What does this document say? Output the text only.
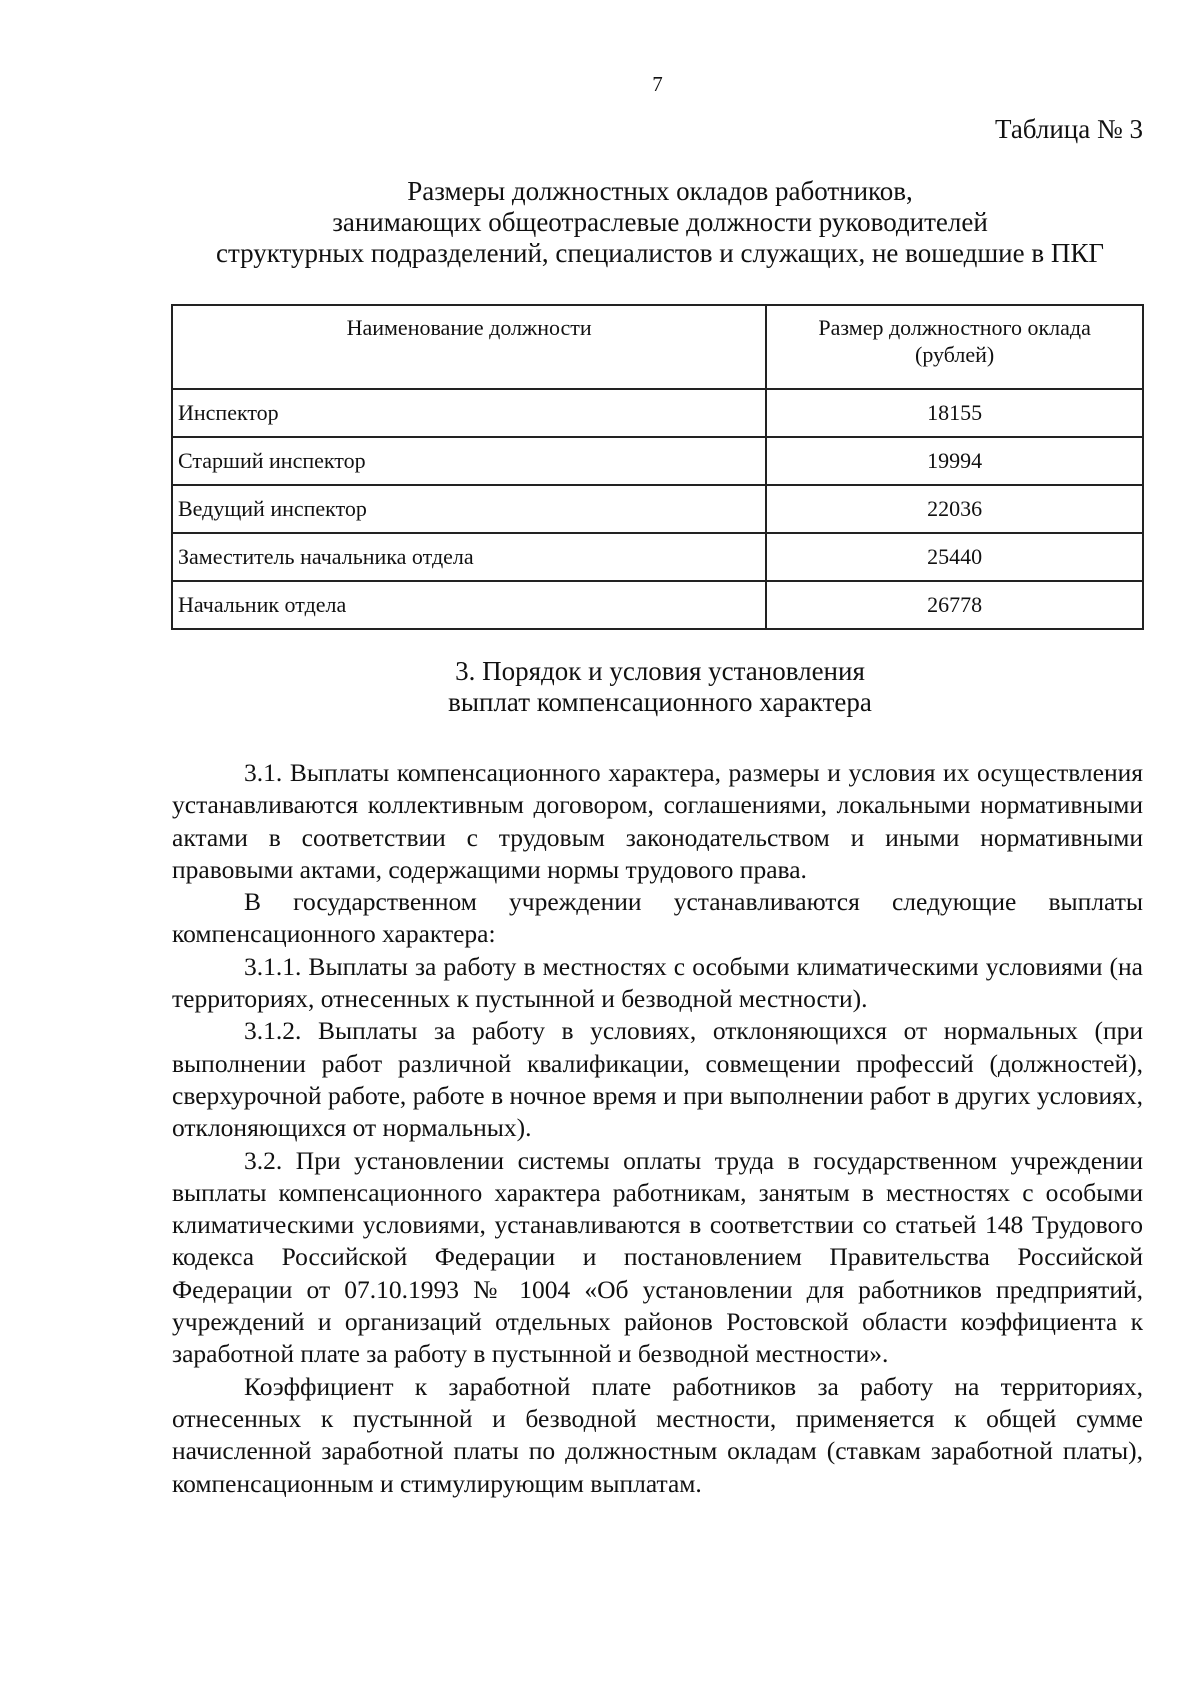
7
Таблица № 3
Размеры должностных окладов работников,
занимающих общеотраслевые должности руководителей
структурных подразделений, специалистов и служащих, не вошедшие в ПКГ
Наименование должности	Размер должностного оклада (рублей)

Инспектор	18155
Старший инспектор	19994
Ведущий инспектор	22036
Заместитель начальника отдела	25440
Начальник отдела	26778
3. Порядок и условия установления
выплат компенсационного характера

3.1. Выплаты компенсационного характера, размеры и условия их осуществления устанавливаются коллективным договором, соглашениями, локальными нормативными актами в соответствии с трудовым законодательством и иными нормативными правовыми актами, содержащими нормы трудового права.

В государственном учреждении устанавливаются следующие выплаты компенсационного характера:

3.1.1. Выплаты за работу в местностях с особыми климатическими условиями (на территориях, отнесенных к пустынной и безводной местности).

3.1.2. Выплаты за работу в условиях, отклоняющихся от нормальных (при выполнении работ различной квалификации, совмещении профессий (должностей), сверхурочной работе, работе в ночное время и при выполнении работ в других условиях, отклоняющихся от нормальных).

3.2. При установлении системы оплаты труда в государственном учреждении выплаты компенсационного характера работникам, занятым в местностях с особыми климатическими условиями, устанавливаются в соответствии со статьей 148 Трудового кодекса Российской Федерации и постановлением Правительства Российской Федерации от 07.10.1993 № 1004 «Об установлении для работников предприятий, учреждений и организаций отдельных районов Ростовской области коэффициента к заработной плате за работу в пустынной и безводной местности».

Коэффициент к заработной плате работников за работу на территориях, отнесенных к пустынной и безводной местности, применяется к общей сумме начисленной заработной платы по должностным окладам (ставкам заработной платы), компенсационным и стимулирующим выплатам.
